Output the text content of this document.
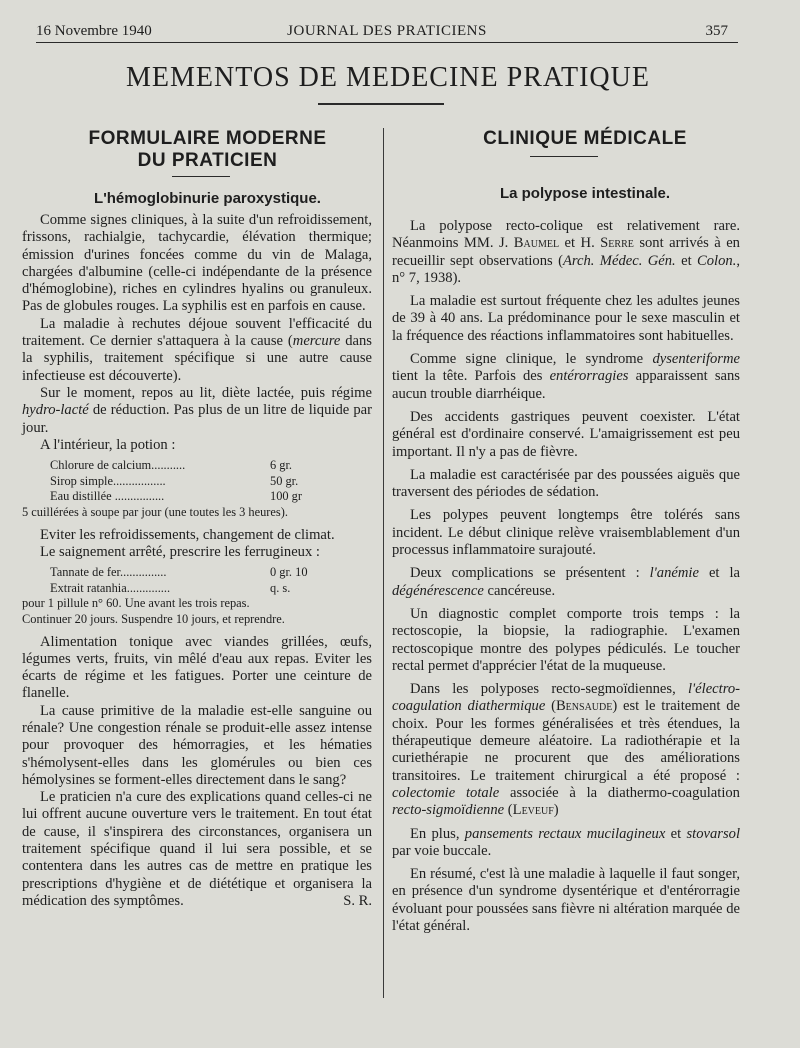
16 Novembre 1940	JOURNAL DES PRATICIENS	357
MEMENTOS DE MEDECINE PRATIQUE
FORMULAIRE MODERNE
DU PRATICIEN
L'hémoglobinurie paroxystique.

Comme signes cliniques, à la suite d'un refroidissement, frissons, rachialgie, tachycardie, élévation thermique; émission d'urines foncées comme du vin de Malaga, chargées d'albumine (celle-ci indépendante de la présence d'hémoglobine), riches en cylindres hyalins ou granuleux. Pas de globules rouges. La syphilis est en parfois en cause.

La maladie à rechutes déjoue souvent l'efficacité du traitement. Ce dernier s'attaquera à la cause (mercure dans la syphilis, traitement spécifique si une autre cause infectieuse est découverte).

Sur le moment, repos au lit, diète lactée, puis régime hydro-lacté de réduction. Pas plus de un litre de liquide par jour.

A l'intérieur, la potion :

Chlorure de calcium...........	6 gr.
Sirop simple.................	50 gr.
Eau distillée ................	100 gr
5 cuillérées à soupe par jour (une toutes les 3 heures).

Eviter les refroidissements, changement de climat.

Le saignement arrêté, prescrire les ferrugineux :

Tannate de fer...............	0 gr. 10
Extrait ratanhia..............	q. s.
pour 1 pillule n° 60. Une avant les trois repas.
Continuer 20 jours. Suspendre 10 jours, et reprendre.

Alimentation tonique avec viandes grillées, œufs, légumes verts, fruits, vin mêlé d'eau aux repas. Eviter les écarts de régime et les fatigues. Porter une ceinture de flanelle.

La cause primitive de la maladie est-elle sanguine ou rénale? Une congestion rénale se produit-elle assez intense pour provoquer des hémorragies, et les hématies s'hémolysent-elles dans les glomérules ou bien ces hémolysines se forment-elles directement dans le sang?

Le praticien n'a cure des explications quand celles-ci ne lui offrent aucune ouverture vers le traitement. En tout état de cause, il s'inspirera des circonstances, organisera un traitement spécifique quand il lui sera possible, et se contentera dans les autres cas de mettre en pratique les prescriptions d'hygiène et de diététique et organisera la médication des symptômes.	S. R.

CLINIQUE MÉDICALE
La polypose intestinale.

La polypose recto-colique est relativement rare. Néanmoins MM. J. Baumel et H. Serre sont arrivés à en recueillir sept observations (Arch. Médec. Gén. et Colon., n° 7, 1938).

La maladie est surtout fréquente chez les adultes jeunes de 39 à 40 ans. La prédominance pour le sexe masculin et la fréquence des réactions inflammatoires sont habituelles.

Comme signe clinique, le syndrome dysenteriforme tient la tête. Parfois des entérorragies apparaissent sans aucun trouble diarrhéique.

Des accidents gastriques peuvent coexister. L'état général est d'ordinaire conservé. L'amaigrissement est peu important. Il n'y a pas de fièvre.

La maladie est caractérisée par des poussées aiguës que traversent des périodes de sédation.

Les polypes peuvent longtemps être tolérés sans incident. Le début clinique relève vraisemblablement d'un processus inflammatoire surajouté.

Deux complications se présentent : l'anémie et la dégénérescence cancéreuse.

Un diagnostic complet comporte trois temps : la rectoscopie, la biopsie, la radiographie. L'examen rectoscopique montre des polypes pédiculés. Le toucher rectal permet d'apprécier l'état de la muqueuse.

Dans les polyposes recto-segmoïdiennes, l'électro-coagulation diathermique (Bensaude) est le traitement de choix. Pour les formes généralisées et très étendues, la thérapeutique demeure aléatoire. La radiothérapie et la curiethérapie ne procurent que des améliorations transitoires. Le traitement chirurgical a été proposé : colectomie totale associée à la diathermo-coagulation recto-sigmoïdienne (Leveuf)

En plus, pansements rectaux mucilagineux et stovarsol par voie buccale.

En résumé, c'est là une maladie à laquelle il faut songer, en présence d'un syndrome dysentérique et d'entérorragie évoluant pour poussées sans fièvre ni altération marquée de l'état général.
